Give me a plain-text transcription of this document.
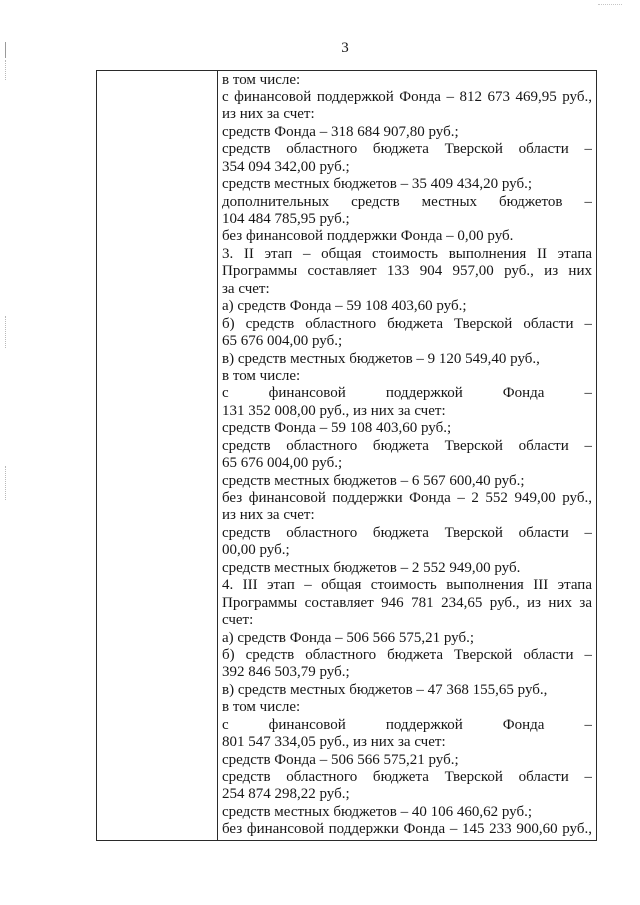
3
в том числе:
с финансовой поддержкой Фонда – 812 673 469,95 руб.,
из них за счет:
средств Фонда – 318 684 907,80 руб.;
средств областного бюджета Тверской области –
354 094 342,00 руб.;
средств местных бюджетов – 35 409 434,20 руб.;
дополнительных средств местных бюджетов –
104 484 785,95 руб.;
без финансовой поддержки Фонда – 0,00 руб.
3. II этап – общая стоимость выполнения II этапа
Программы составляет 133 904 957,00 руб., из них
за счет:
а) средств Фонда – 59 108 403,60 руб.;
б) средств областного бюджета Тверской области –
65 676 004,00 руб.;
в) средств местных бюджетов – 9 120 549,40 руб.,
в том числе:
с финансовой поддержкой Фонда –
131 352 008,00 руб., из них за счет:
средств Фонда – 59 108 403,60 руб.;
средств областного бюджета Тверской области –
65 676 004,00 руб.;
средств местных бюджетов – 6 567 600,40 руб.;
без финансовой поддержки Фонда – 2 552 949,00 руб.,
из них за счет:
средств областного бюджета Тверской области –
00,00 руб.;
средств местных бюджетов – 2 552 949,00 руб.
4. III этап – общая стоимость выполнения III этапа
Программы составляет 946 781 234,65 руб., из них за
счет:
а) средств Фонда – 506 566 575,21 руб.;
б) средств областного бюджета Тверской области –
392 846 503,79 руб.;
в) средств местных бюджетов – 47 368 155,65 руб.,
в том числе:
с финансовой поддержкой Фонда –
801 547 334,05 руб., из них за счет:
средств Фонда – 506 566 575,21 руб.;
средств областного бюджета Тверской области –
254 874 298,22 руб.;
средств местных бюджетов – 40 106 460,62 руб.;
без финансовой поддержки Фонда – 145 233 900,60 руб.,
